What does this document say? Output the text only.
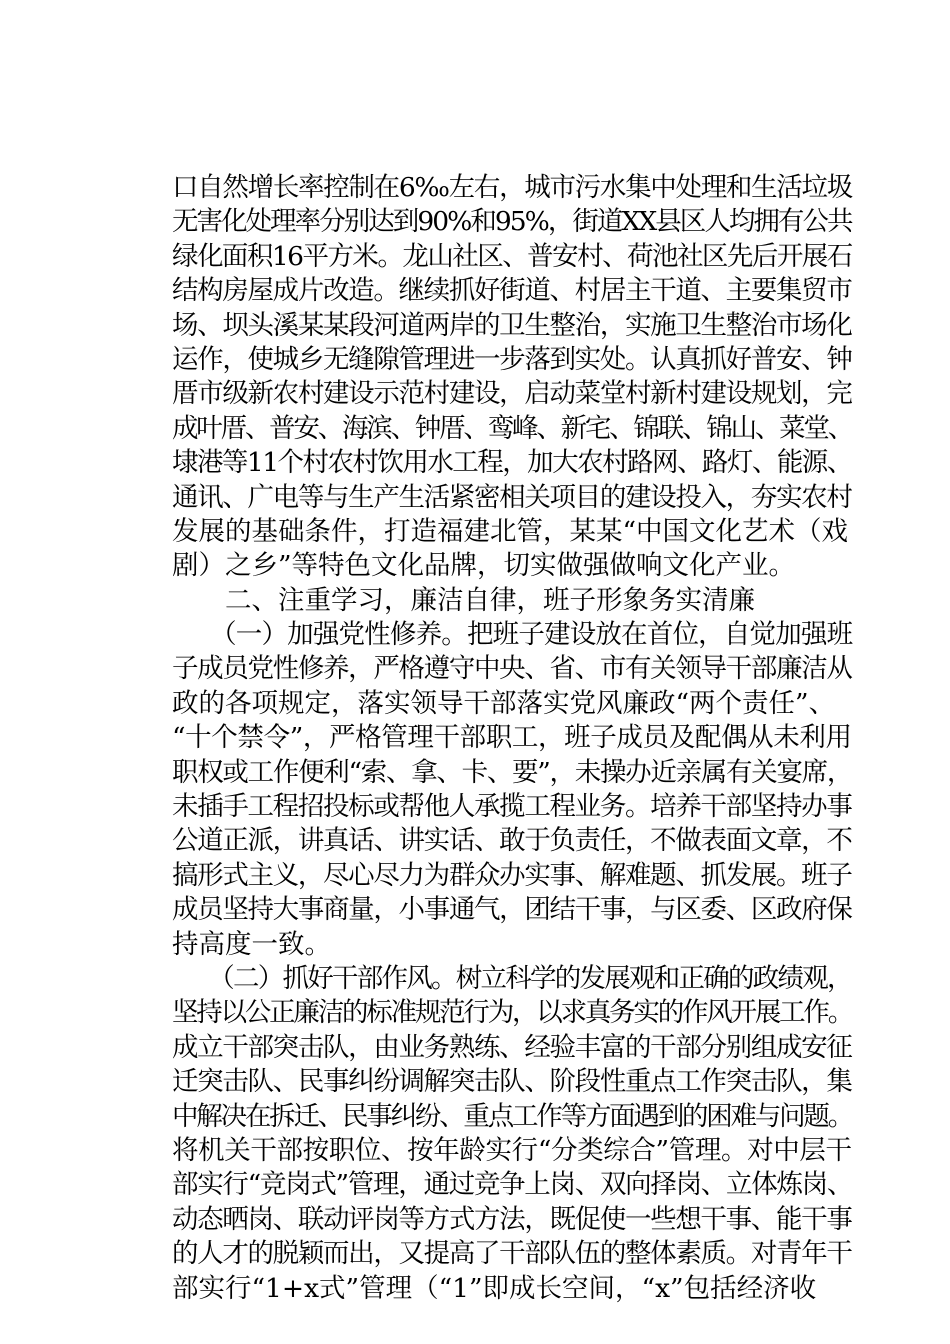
口自然增长率控制在6‰左右，城市污水集中处理和生活垃圾
无害化处理率分别达到90%和95%，街道XX县区人均拥有公共
绿化面积16平方米。龙山社区、普安村、荷池社区先后开展石
结构房屋成片改造。继续抓好街道、村居主干道、主要集贸市
场、坝头溪某某段河道两岸的卫生整治，实施卫生整治市场化
运作，使城乡无缝隙管理进一步落到实处。认真抓好普安、钟
厝市级新农村建设示范村建设，启动菜堂村新村建设规划，完
成叶厝、普安、海滨、钟厝、鸾峰、新宅、锦联、锦山、菜堂、
埭港等11个村农村饮用水工程，加大农村路网、路灯、能源、
通讯、广电等与生产生活紧密相关项目的建设投入，夯实农村
发展的基础条件，打造福建北管，某某“中国文化艺术（戏
剧）之乡”等特色文化品牌，切实做强做响文化产业。
　　二、注重学习，廉洁自律，班子形象务实清廉
　　（一）加强党性修养。把班子建设放在首位，自觉加强班
子成员党性修养，严格遵守中央、省、市有关领导干部廉洁从
政的各项规定，落实领导干部落实党风廉政“两个责任”、
“十个禁令”，严格管理干部职工，班子成员及配偶从未利用
职权或工作便利“索、拿、卡、要”，未操办近亲属有关宴席，
未插手工程招投标或帮他人承揽工程业务。培养干部坚持办事
公道正派，讲真话、讲实话、敢于负责任，不做表面文章，不
搞形式主义，尽心尽力为群众办实事、解难题、抓发展。班子
成员坚持大事商量，小事通气，团结干事，与区委、区政府保
持高度一致。
　　（二）抓好干部作风。树立科学的发展观和正确的政绩观，
坚持以公正廉洁的标准规范行为，以求真务实的作风开展工作。
成立干部突击队，由业务熟练、经验丰富的干部分别组成安征
迁突击队、民事纠纷调解突击队、阶段性重点工作突击队，集
中解决在拆迁、民事纠纷、重点工作等方面遇到的困难与问题。
将机关干部按职位、按年龄实行“分类综合”管理。对中层干
部实行“竞岗式”管理，通过竞争上岗、双向择岗、立体炼岗、
动态晒岗、联动评岗等方式方法，既促使一些想干事、能干事
的人才的脱颖而出，又提高了干部队伍的整体素质。对青年干
部实行“1+x式”管理（“1”即成长空间，“x”包括经济收
